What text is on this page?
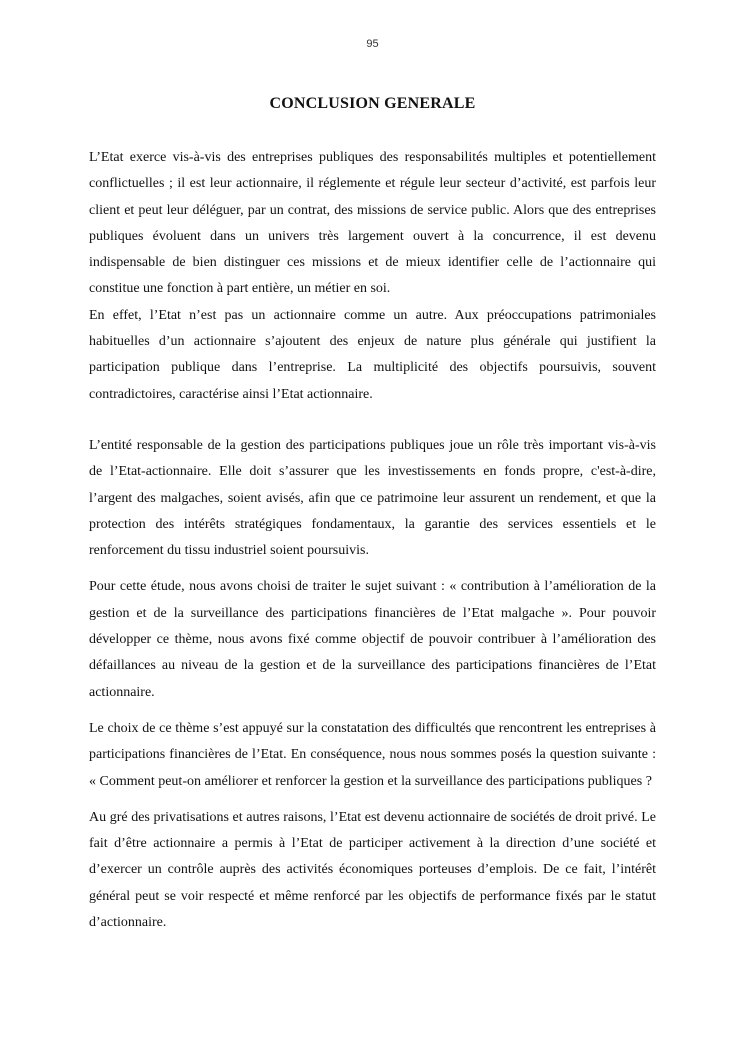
95
CONCLUSION GENERALE

L’Etat exerce vis-à-vis des entreprises publiques des responsabilités multiples et potentiellement conflictuelles ; il est leur actionnaire, il réglemente et régule leur secteur d’activité, est parfois leur client et peut leur déléguer, par un contrat, des missions de service public. Alors que des entreprises publiques évoluent dans un univers très largement ouvert à la concurrence, il est devenu indispensable de bien distinguer ces missions et de mieux identifier celle de l’actionnaire qui constitue une fonction à part entière, un métier en soi.

En effet, l’Etat n’est pas un actionnaire comme un autre. Aux préoccupations patrimoniales habituelles d’un actionnaire s’ajoutent des enjeux de nature plus générale qui justifient la participation publique dans l’entreprise. La multiplicité des objectifs poursuivis, souvent contradictoires, caractérise ainsi l’Etat actionnaire.

L’entité responsable de la gestion des participations publiques joue un rôle très important vis-à-vis de l’Etat-actionnaire. Elle doit s’assurer que les investissements en fonds propre, c'est-à-dire, l’argent des malgaches, soient avisés, afin que ce patrimoine leur assurent un rendement, et que la protection des intérêts stratégiques fondamentaux, la garantie des services essentiels et le renforcement du tissu industriel soient poursuivis.

Pour cette étude, nous avons choisi de traiter le sujet suivant : « contribution à l’amélioration de la gestion et de la surveillance des participations financières de l’Etat malgache ». Pour pouvoir développer ce thème, nous avons fixé comme objectif de pouvoir contribuer à l’amélioration des défaillances au niveau de la gestion et de la surveillance des participations financières de l’Etat actionnaire.

Le choix de ce thème s’est appuyé sur la constatation des difficultés que rencontrent les entreprises à participations financières de l’Etat. En conséquence, nous nous sommes posés la question suivante : « Comment peut-on améliorer et renforcer la gestion et la surveillance des participations publiques ?

Au gré des privatisations et autres raisons, l’Etat est devenu actionnaire de sociétés de droit privé. Le fait d’être actionnaire a permis à l’Etat de participer activement à la direction d’une société et d’exercer un contrôle auprès des activités économiques porteuses d’emplois. De ce fait, l’intérêt général peut se voir respecté et même renforcé par les objectifs de performance fixés par le statut d’actionnaire.
